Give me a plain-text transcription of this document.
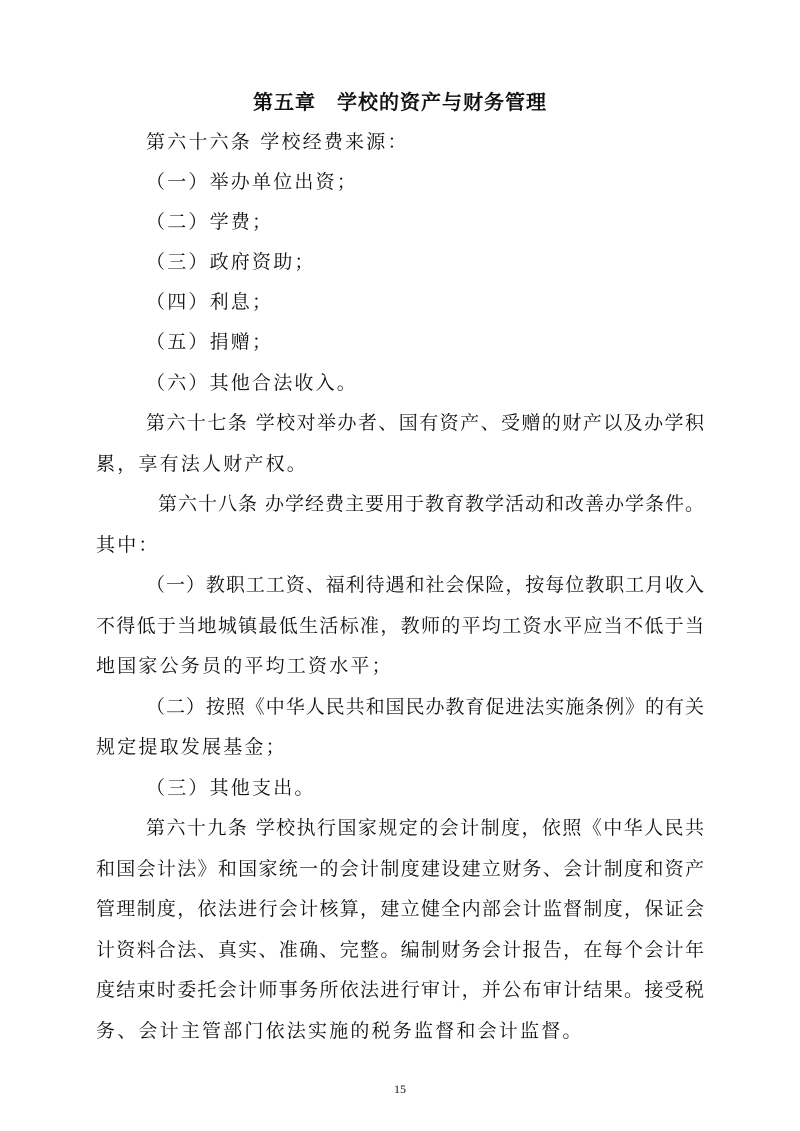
第五章　学校的资产与财务管理
第六十六条 学校经费来源：
（一）举办单位出资；
（二）学费；
（三）政府资助；
（四）利息；
（五）捐赠；
（六）其他合法收入。
第六十七条 学校对举办者、国有资产、受赠的财产以及办学积
累，享有法人财产权。
第六十八条 办学经费主要用于教育教学活动和改善办学条件。
其中：
（一）教职工工资、福利待遇和社会保险，按每位教职工月收入
不得低于当地城镇最低生活标准，教师的平均工资水平应当不低于当
地国家公务员的平均工资水平；
（二）按照《中华人民共和国民办教育促进法实施条例》的有关
规定提取发展基金；
（三）其他支出。
第六十九条 学校执行国家规定的会计制度，依照《中华人民共
和国会计法》和国家统一的会计制度建设建立财务、会计制度和资产
管理制度，依法进行会计核算，建立健全内部会计监督制度，保证会
计资料合法、真实、准确、完整。编制财务会计报告，在每个会计年
度结束时委托会计师事务所依法进行审计，并公布审计结果。接受税
务、会计主管部门依法实施的税务监督和会计监督。
15
